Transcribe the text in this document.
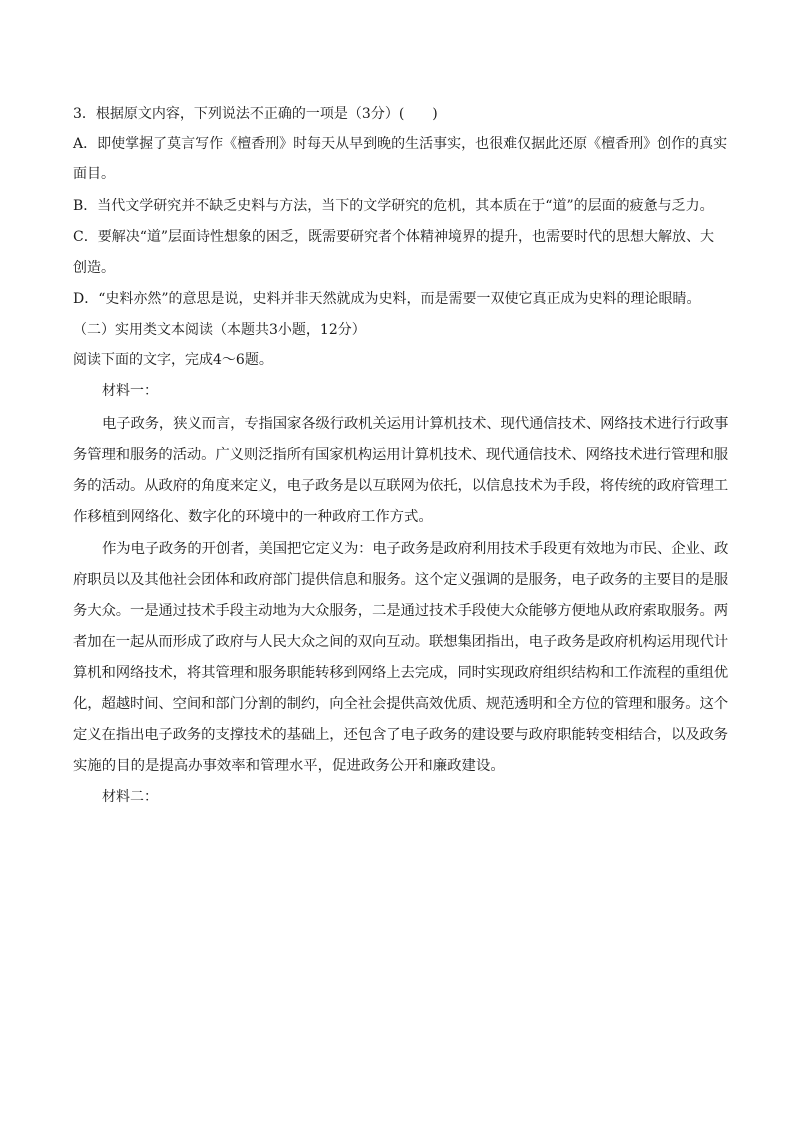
3．根据原文内容，下列说法不正确的一项是（3分）(　　)
A．即使掌握了莫言写作《檀香刑》时每天从早到晚的生活事实，也很难仅据此还原《檀香刑》创作的真实
面目。
B．当代文学研究并不缺乏史料与方法，当下的文学研究的危机，其本质在于“道”的层面的疲惫与乏力。
C．要解决“道”层面诗性想象的困乏，既需要研究者个体精神境界的提升，也需要时代的思想大解放、大
创造。
D．“史料亦然”的意思是说，史料并非天然就成为史料，而是需要一双使它真正成为史料的理论眼睛。
（二）实用类文本阅读（本题共3小题，12分）
阅读下面的文字，完成4～6题。
材料一：
电子政务，狭义而言，专指国家各级行政机关运用计算机技术、现代通信技术、网络技术进行行政事
务管理和服务的活动。广义则泛指所有国家机构运用计算机技术、现代通信技术、网络技术进行管理和服
务的活动。从政府的角度来定义，电子政务是以互联网为依托，以信息技术为手段，将传统的政府管理工
作移植到网络化、数字化的环境中的一种政府工作方式。
作为电子政务的开创者，美国把它定义为：电子政务是政府利用技术手段更有效地为市民、企业、政
府职员以及其他社会团体和政府部门提供信息和服务。这个定义强调的是服务，电子政务的主要目的是服
务大众。一是通过技术手段主动地为大众服务，二是通过技术手段使大众能够方便地从政府索取服务。两
者加在一起从而形成了政府与人民大众之间的双向互动。联想集团指出，电子政务是政府机构运用现代计
算机和网络技术，将其管理和服务职能转移到网络上去完成，同时实现政府组织结构和工作流程的重组优
化，超越时间、空间和部门分割的制约，向全社会提供高效优质、规范透明和全方位的管理和服务。这个
定义在指出电子政务的支撑技术的基础上，还包含了电子政务的建设要与政府职能转变相结合，以及政务
实施的目的是提高办事效率和管理水平，促进政务公开和廉政建设。
材料二：
